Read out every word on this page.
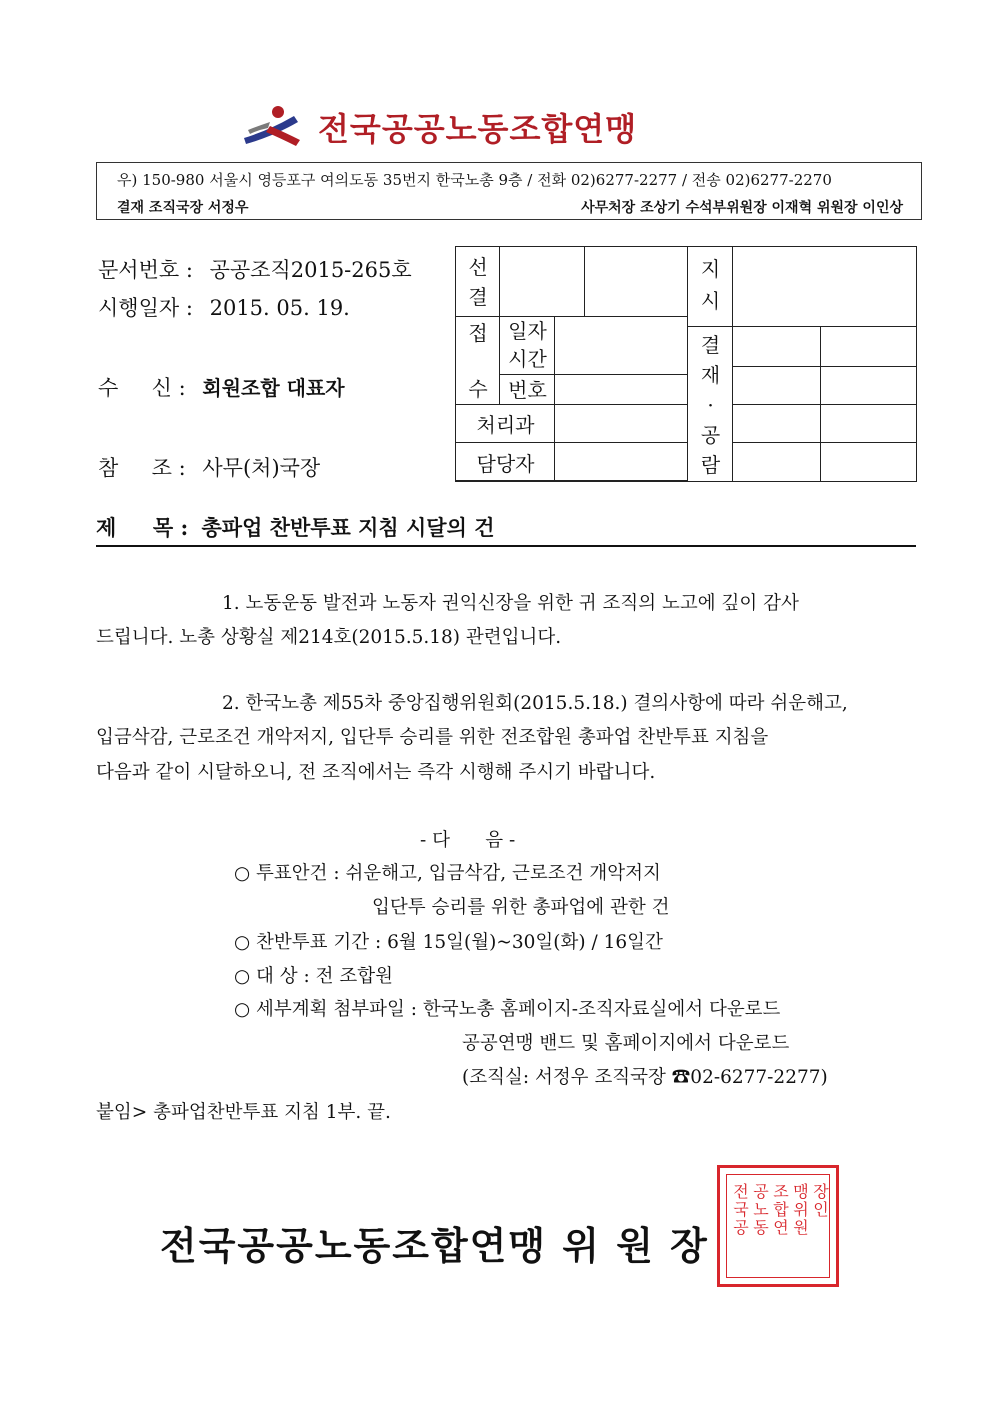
전국공공노동조합연맹
우) 150-980 서울시 영등포구 여의도동 35번지 한국노총 9층 / 전화 02)6277-2277 / 전송 02)6277-2270
결재 조직국장 서정우	사무처장 조상기 수석부위원장 이재혁 위원장 이인상
문서번호 : 공공조직2015-265호
시행일자 : 2015. 05. 19.
수     신 : 회원조합 대표자
참     조 : 사무(처)국장
선
결
접
수
일자
시간
번호
처리과
담당자
지
시
결
재
·
공
람
제     목 : 총파업 찬반투표 지침 시달의 건
1. 노동운동 발전과 노동자 권익신장을 위한 귀 조직의 노고에 깊이 감사
드립니다. 노총 상황실 제214호(2015.5.18) 관련입니다.
2. 한국노총 제55차 중앙집행위원회(2015.5.18.) 결의사항에 따라 쉬운해고,
입금삭감, 근로조건 개악저지, 입단투 승리를 위한 전조합원 총파업 찬반투표 지침을
다음과 같이 시달하오니, 전 조직에서는 즉각 시행해 주시기 바랍니다.
- 다      음 -
○ 투표안건 : 쉬운해고, 입금삭감, 근로조건 개악저지
입단투 승리를 위한 총파업에 관한 건
○ 찬반투표 기간 : 6월 15일(월)~30일(화) / 16일간
○ 대 상 : 전 조합원
○ 세부계획 첨부파일 : 한국노총 홈페이지-조직자료실에서 다운로드
공공연맹 밴드 및 홈페이지에서 다운로드
(조직실: 서정우 조직국장 ☎02-6277-2277)
붙임> 총파업찬반투표 지침 1부. 끝.
전국공공노동조합연맹 위 원 장
전국공
공노동
조합연
맹위원
장인
